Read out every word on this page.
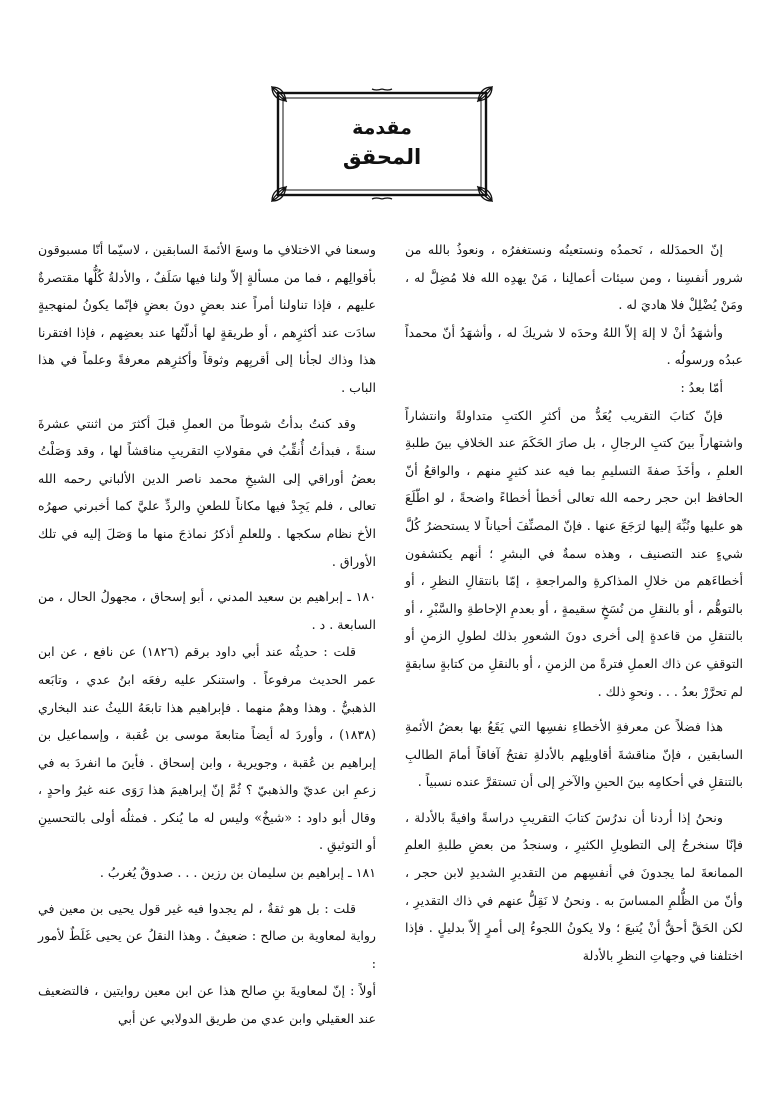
مقدمة
المحقق

إنّ الحمدَلله ، نَحمدُه ونستعينُه ونستغفرُه ، ونعوذُ بالله من شرور أنفسِنا ، ومن سيئات أعمالِنا ، مَنْ يهدِه الله فلا مُضِلَّ له ، ومَنْ يُضْلِلْ فلا هاديَ له .

وأشهَدُ أنْ لا إلهَ إلاّ اللهُ وحدَه لا شريكَ له ، وأشهَدُ أنّ محمداً عبدُه ورسولُه .

أمّا بعدُ :

فإنّ كتابَ التقريب يُعَدُّ من أكثرِ الكتبِ متداولةً وانتشاراً واشتهاراً بينَ كتبِ الرجالِ ، بل صارَ الحَكَمَ عند الخلافِ بينَ طلبةِ العلمِ ، وأخَذَ صفةَ التسليمِ بما فيه عند كثيرٍ منهم ، والواقعُ أنّ الحافظ ابن حجر رحمه الله تعالى أخطأ أخطاءً واضحةً ، لو اطّلَعَ هو عليها ونُبِّهَ إليها لرَجَعَ عنها . فإنّ المصنِّفَ أحياناً لا يستحضرُ كُلَّ شيءٍ عند التصنيف ، وهذه سمةٌ في البشرِ ؛ أنهم يكتشفون أخطاءَهم من خلالِ المذاكرةِ والمراجعةِ ، إمّا بانتقالِ النظرِ ، أو بالتوهُّم ، أو بالنقلِ من نُسَخٍ سقيمةٍ ، أو بعدمِ الإحاطةِ والسَّبْرِ ، أو بالتنقلِ من قاعدةٍ إلى أخرى دونَ الشعورِ بذلك لطولِ الزمنِ أو التوقفِ عن ذاك العملِ فترةً من الزمنِ ، أو بالنقلِ من كتابةٍ سابقةٍ لم تحرَّرْ بعدُ . . . ونحوِ ذلك .

هذا فضلاً عن معرفةِ الأخطاءِ نفسِها التي يَقَعُ بها بعضُ الأئمةِ السابقين ، فإنّ مناقشةَ أقاويلِهم بالأدلةِ تفتحُ آفاقاً أمامَ الطالبِ بالتنقلِ في أحكامِه بينَ الحينِ والآخرِ إلى أن تستقرَّ عنده نسبياً .

ونحنُ إذا أردنا أن ندرُسَ كتابَ التقريبِ دراسةً وافيةً بالأدلة ، فإنّا سنخرجُ إلى التطويلِ الكثيرِ ، وسنجدُ من بعضِ طلبةِ العلمِ الممانعةَ لما يجدونَ في أنفسِهم من التقديرِ الشديدِ لابن حجر ، وأنّ من الظُّلمِ المساسَ به . ونحنُ لا نَقِلُّ عنهم في ذاك التقديرِ ، لكن الحَقَّ أحقُّ أنْ يُتبعَ ؛ ولا يكونُ اللجوءُ إلى أمرٍ إلاّ بدليلٍ . فإذا اختلفنا في وجهاتِ النظرِ بالأدلة

وسعنا في الاختلافِ ما وسعَ الأئمةَ السابقين ، لاسيّما أنّا مسبوقون بأقوالِهم ، فما من مسألةٍ إلاّ ولنا فيها سَلَفٌ ، والأدلةُ كُلُّها مقتصرةٌ عليهم ، فإذا تناولنا أمراً عند بعضٍ دونَ بعضٍ فإنّما يكونُ لمنهجيةٍ سادَت عند أكثرِهم ، أو طريقةٍ لها أدلّتُها عند بعضِهم ، فإذا افتقرنا هذا وذاك لجأنا إلى أقربِهم وثوقاً وأكثرِهم معرفةً وعلماً في هذا الباب .

وقد كنتُ بدأتُ شوطاً من العملِ قبلَ أكثرَ من اثنتي عشرةَ سنةً ، فبدأتُ أُنقِّبُ في مقولاتِ التقريبِ مناقشاً لها ، وقد وَصَلْتُ بعضُ أوراقي إلى الشيخِ محمد ناصر الدين الألباني رحمه الله تعالى ، فلم يَجِدْ فيها مكاناً للطعنِ والردِّ عليَّ كما أخبرني صهرُه الأخ نظام سكجها . وللعلمِ أذكرُ نماذجَ منها ما وَصَلَ إليه في تلك الأوراق .

١٨٠ ـ إبراهيم بن سعيد المدني ، أبو إسحاق ، مجهولُ الحال ، من السابعة . د .

قلت : حديثُه عند أبي داود برقم (١٨٢٦) عن نافع ، عن ابن عمر الحديث مرفوعاً . واستنكر عليه رفعَه ابنُ عدي ، وتابَعه الذهبيُّ . وهذا وهمٌ منهما . فإبراهيم هذا تابعَهُ الليثُ عند البخاري (١٨٣٨) ، وأوردَ له أيضاً متابعةَ موسى بن عُقبة ، وإسماعيل بن إبراهيم بن عُقبة ، وجويرية ، وابن إسحاق . فأينَ ما انفردَ به في زعمِ ابن عديّ والذهبيّ ؟ ثُمَّ إنّ إبراهيمَ هذا رَوَى عنه غيرُ واحدٍ ، وقال أبو داود : «شيخٌ» وليس له ما يُنكر . فمثلُه أولى بالتحسينِ أو التوثيقِ .

١٨١ ـ إبراهيم بن سليمان بن رزين . . . صدوقٌ يُغربُ .

قلت : بل هو ثقةٌ ، لم يجدوا فيه غير قول يحيى بن معين في رواية لمعاوية بن صالح : ضعيفٌ . وهذا النقلُ عن يحيى غَلَطٌ لأمور :

أولاً : إنّ لمعاويةَ بنِ صالح هذا عن ابن معين روايتين ، فالتضعيف عند العقيلي وابن عدي من طريق الدولابي عن أبي
